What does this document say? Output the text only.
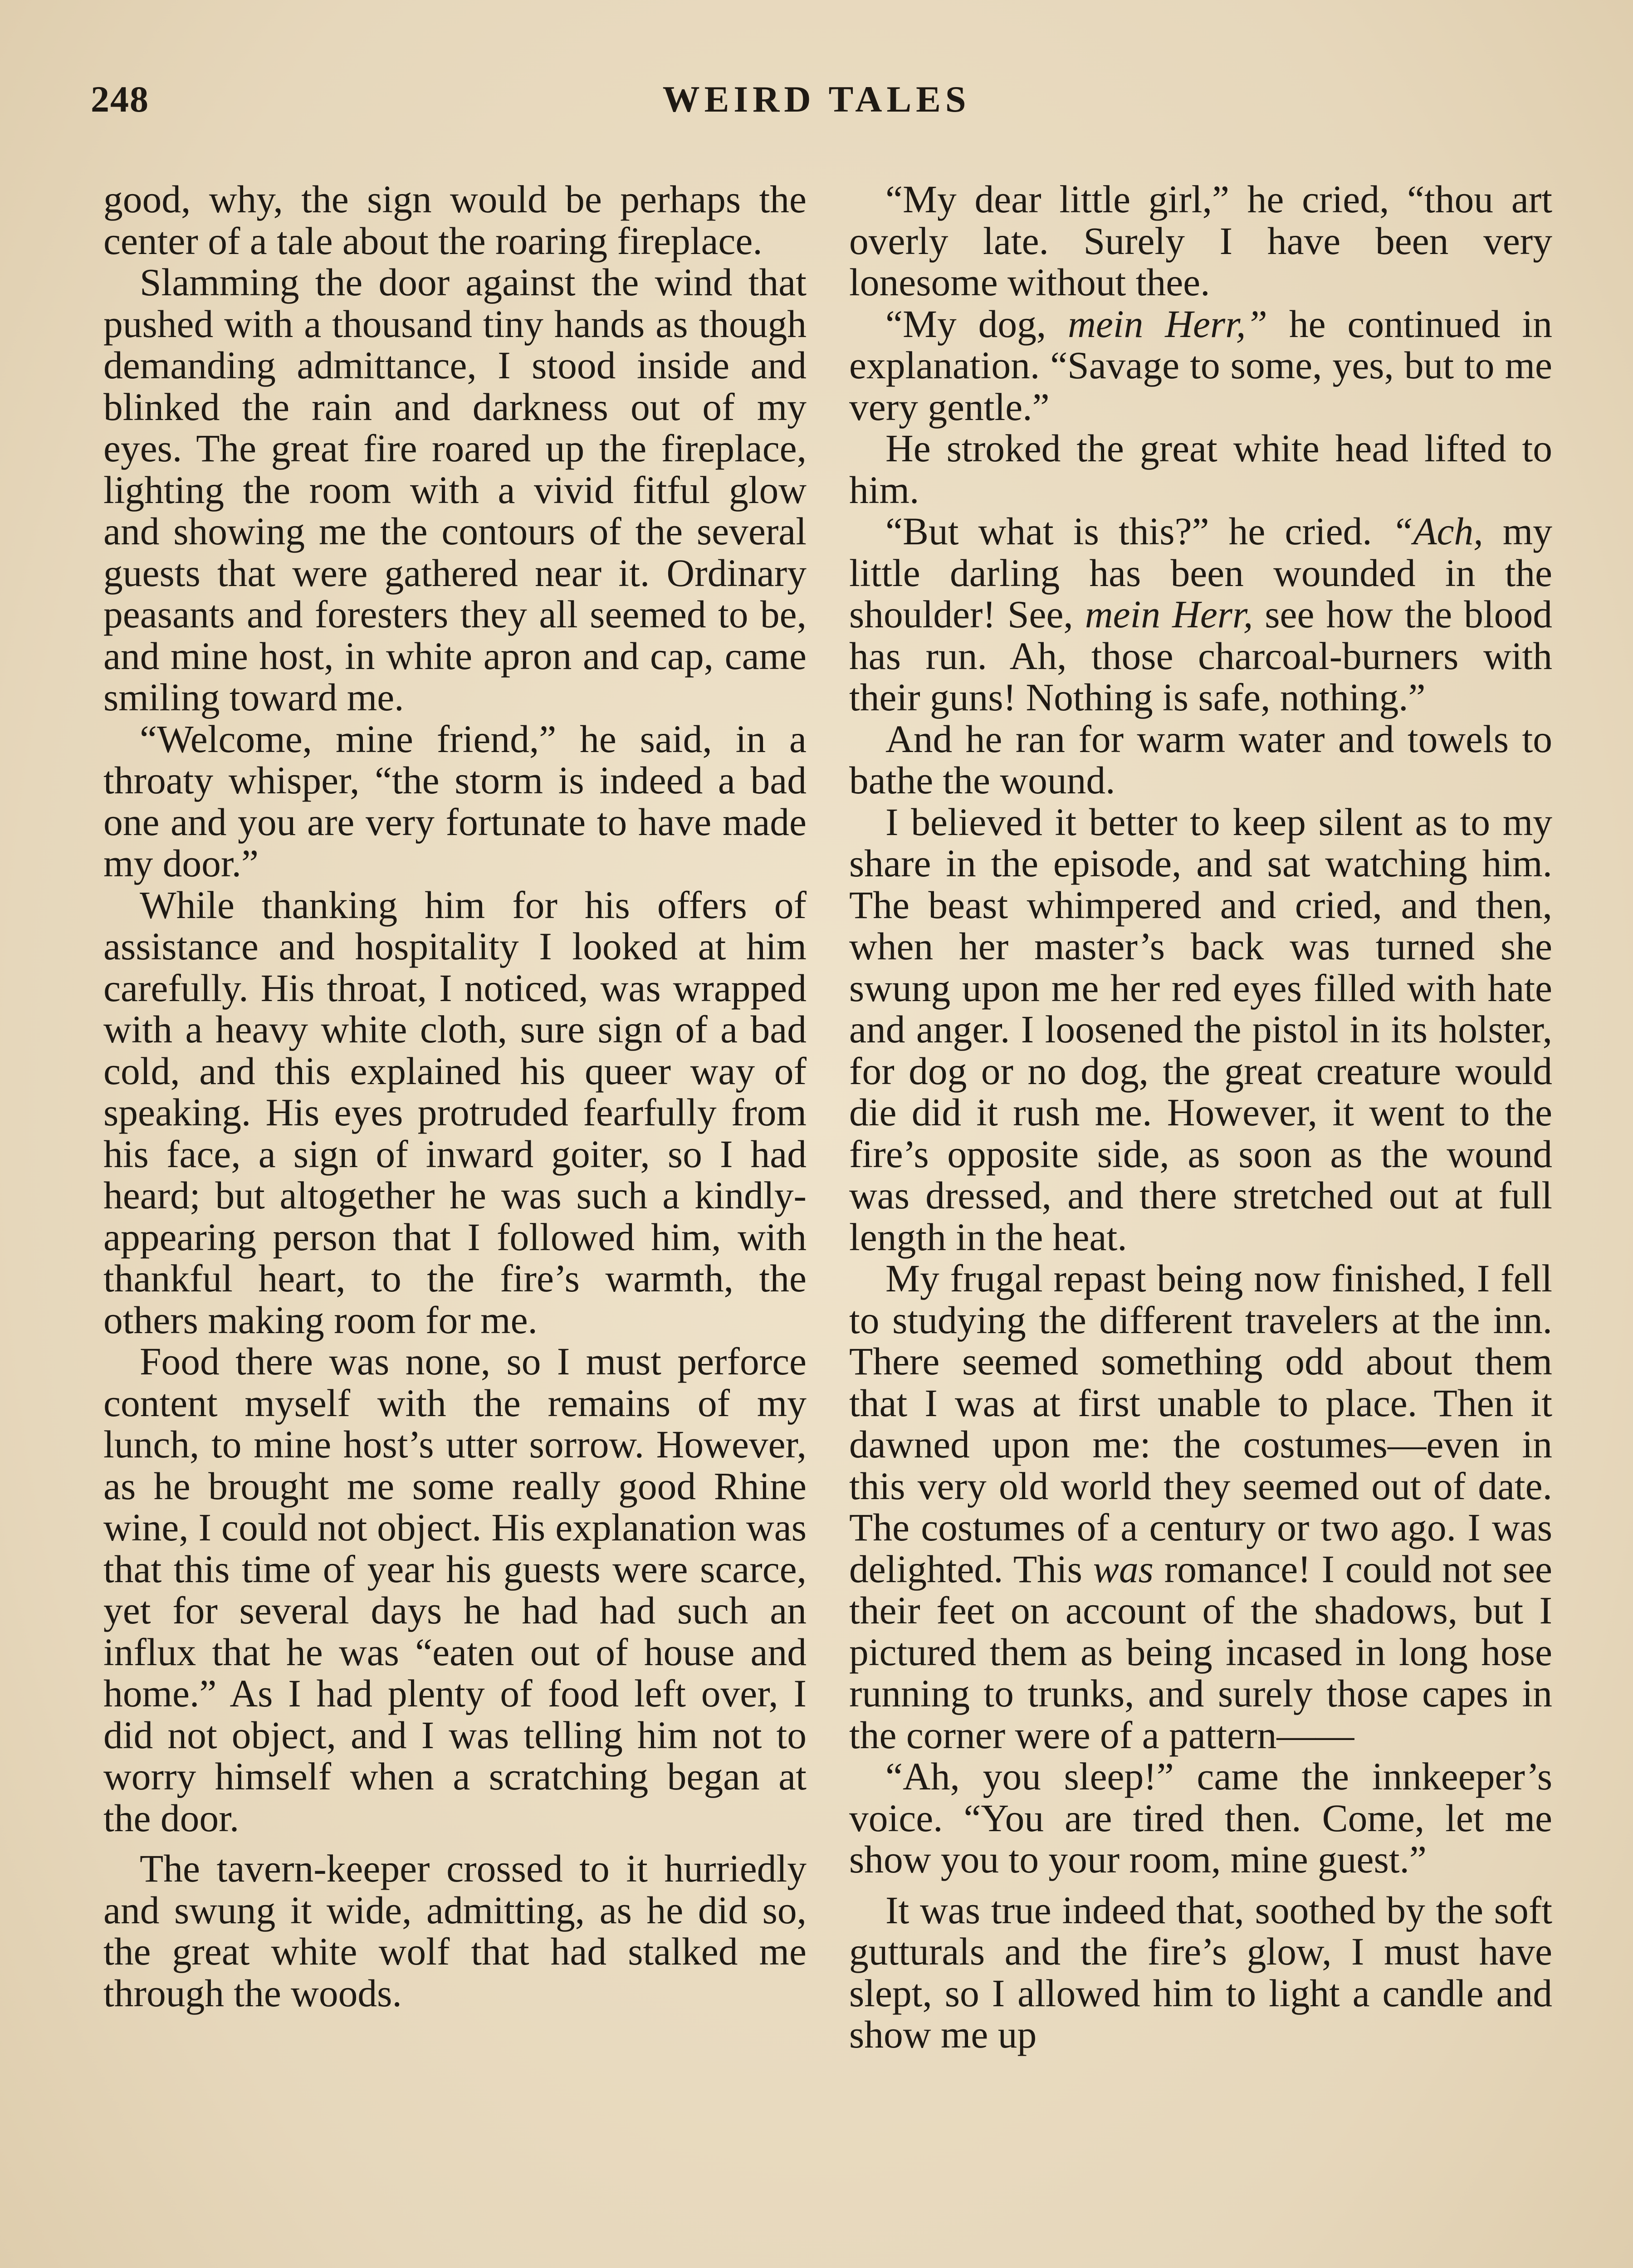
248	WEIRD TALES

good, why, the sign would be perhaps the center of a tale about the roaring fireplace.

Slamming the door against the wind that pushed with a thousand tiny hands as though demanding admittance, I stood inside and blinked the rain and darkness out of my eyes. The great fire roared up the fireplace, lighting the room with a vivid fitful glow and showing me the contours of the several guests that were gathered near it. Ordinary peasants and foresters they all seemed to be, and mine host, in white apron and cap, came smiling toward me.

“Welcome, mine friend,” he said, in a throaty whisper, “the storm is indeed a bad one and you are very fortunate to have made my door.”

While thanking him for his offers of assistance and hospitality I looked at him carefully. His throat, I noticed, was wrapped with a heavy white cloth, sure sign of a bad cold, and this explained his queer way of speaking. His eyes protruded fearfully from his face, a sign of inward goiter, so I had heard; but altogether he was such a kindly-appearing person that I followed him, with thankful heart, to the fire’s warmth, the others making room for me.

Food there was none, so I must perforce content myself with the remains of my lunch, to mine host’s utter sorrow. However, as he brought me some really good Rhine wine, I could not object. His explanation was that this time of year his guests were scarce, yet for several days he had had such an influx that he was “eaten out of house and home.” As I had plenty of food left over, I did not object, and I was telling him not to worry himself when a scratching began at the door.

The tavern-keeper crossed to it hurriedly and swung it wide, admitting, as he did so, the great white wolf that had stalked me through the woods.

“My dear little girl,” he cried, “thou art overly late. Surely I have been very lonesome without thee.

“My dog, mein Herr,” he continued in explanation. “Savage to some, yes, but to me very gentle.”

He stroked the great white head lifted to him.

“But what is this?” he cried. “Ach, my little darling has been wounded in the shoulder! See, mein Herr, see how the blood has run. Ah, those charcoal-burners with their guns! Nothing is safe, nothing.”

And he ran for warm water and towels to bathe the wound.

I believed it better to keep silent as to my share in the episode, and sat watching him. The beast whimpered and cried, and then, when her master’s back was turned she swung upon me her red eyes filled with hate and anger. I loosened the pistol in its holster, for dog or no dog, the great creature would die did it rush me. However, it went to the fire’s opposite side, as soon as the wound was dressed, and there stretched out at full length in the heat.

My frugal repast being now finished, I fell to studying the different travelers at the inn. There seemed something odd about them that I was at first unable to place. Then it dawned upon me: the costumes—even in this very old world they seemed out of date. The costumes of a century or two ago. I was delighted. This was romance! I could not see their feet on account of the shadows, but I pictured them as being incased in long hose running to trunks, and surely those capes in the corner were of a pattern——

“Ah, you sleep!” came the innkeeper’s voice. “You are tired then. Come, let me show you to your room, mine guest.”

It was true indeed that, soothed by the soft gutturals and the fire’s glow, I must have slept, so I allowed him to light a candle and show me up
